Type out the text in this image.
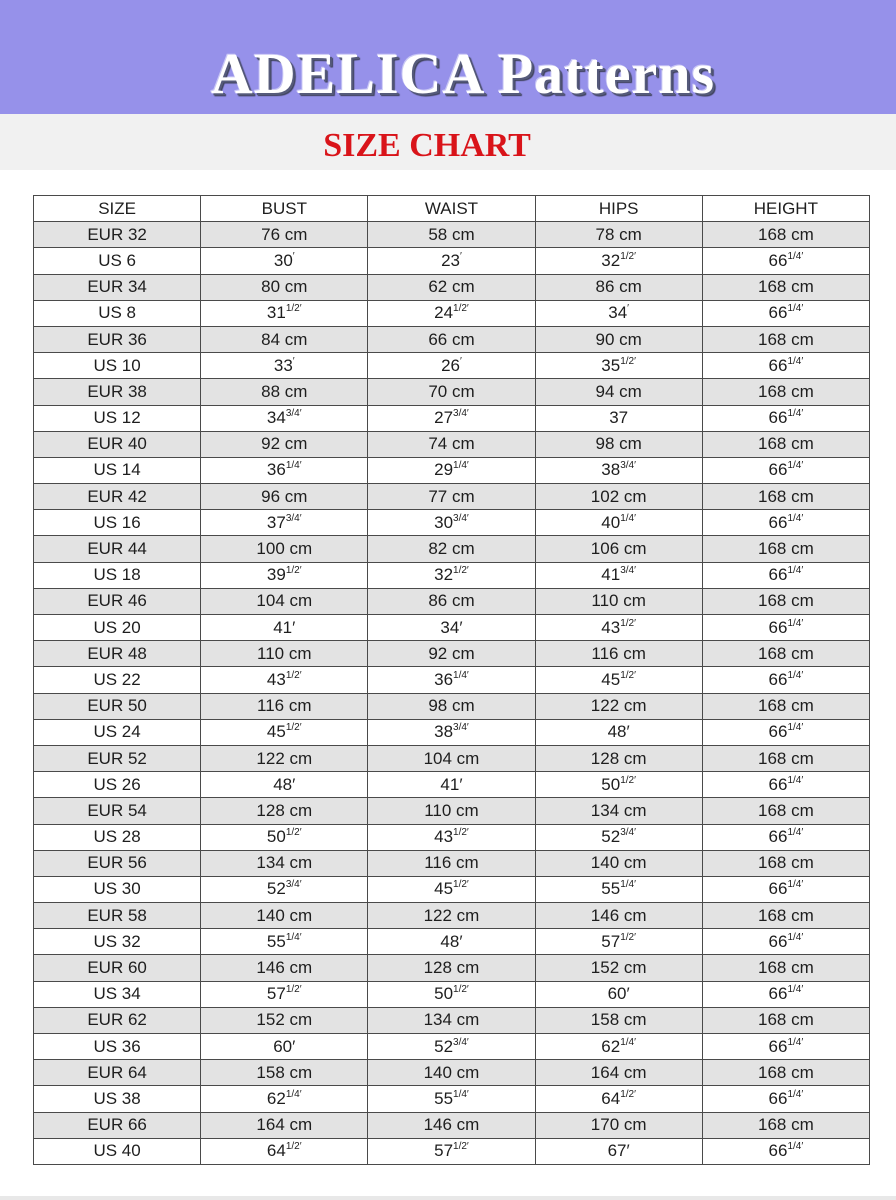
ADELICA Patterns
SIZE CHART
SIZE	BUST	WAIST	HIPS	HEIGHT
EUR 32	76 cm	58 cm	78 cm	168 cm
US 6	30′	23′	$32^{1/2'}$	$66^{1/4'}$
EUR 34	80 cm	62 cm	86 cm	168 cm
US 8	$31^{1/2'}$	$24^{1/2'}$	34′	$66^{1/4'}$
EUR 36	84 cm	66 cm	90 cm	168 cm
US 10	33′	26′	$35^{1/2'}$	$66^{1/4'}$
EUR 38	88 cm	70 cm	94 cm	168 cm
US 12	$34^{3/4'}$	$27^{3/4'}$	37	$66^{1/4'}$
EUR 40	92 cm	74 cm	98 cm	168 cm
US 14	$36^{1/4'}$	$29^{1/4'}$	$38^{3/4'}$	$66^{1/4'}$
EUR 42	96 cm	77 cm	102 cm	168 cm
US 16	$37^{3/4'}$	$30^{3/4'}$	$40^{1/4'}$	$66^{1/4'}$
EUR 44	100 cm	82 cm	106 cm	168 cm
US 18	$39^{1/2'}$	$32^{1/2'}$	$41^{3/4'}$	$66^{1/4'}$
EUR 46	104 cm	86 cm	110 cm	168 cm
US 20	41′	34′	$43^{1/2'}$	$66^{1/4'}$
EUR 48	110 cm	92 cm	116 cm	168 cm
US 22	$43^{1/2'}$	$36^{1/4'}$	$45^{1/2'}$	$66^{1/4'}$
EUR 50	116 cm	98 cm	122 cm	168 cm
US 24	$45^{1/2'}$	$38^{3/4'}$	48′	$66^{1/4'}$
EUR 52	122 cm	104 cm	128 cm	168 cm
US 26	48′	41′	$50^{1/2'}$	$66^{1/4'}$
EUR 54	128 cm	110 cm	134 cm	168 cm
US 28	$50^{1/2'}$	$43^{1/2'}$	$52^{3/4'}$	$66^{1/4'}$
EUR 56	134 cm	116 cm	140 cm	168 cm
US 30	$52^{3/4'}$	$45^{1/2'}$	$55^{1/4'}$	$66^{1/4'}$
EUR 58	140 cm	122 cm	146 cm	168 cm
US 32	$55^{1/4'}$	48′	$57^{1/2'}$	$66^{1/4'}$
EUR 60	146 cm	128 cm	152 cm	168 cm
US 34	$57^{1/2'}$	$50^{1/2'}$	60′	$66^{1/4'}$
EUR 62	152 cm	134 cm	158 cm	168 cm
US 36	60′	$52^{3/4'}$	$62^{1/4'}$	$66^{1/4'}$
EUR 64	158 cm	140 cm	164 cm	168 cm
US 38	$62^{1/4'}$	$55^{1/4'}$	$64^{1/2'}$	$66^{1/4'}$
EUR 66	164 cm	146 cm	170 cm	168 cm
US 40	$64^{1/2'}$	$57^{1/2'}$	67′	$66^{1/4'}$
